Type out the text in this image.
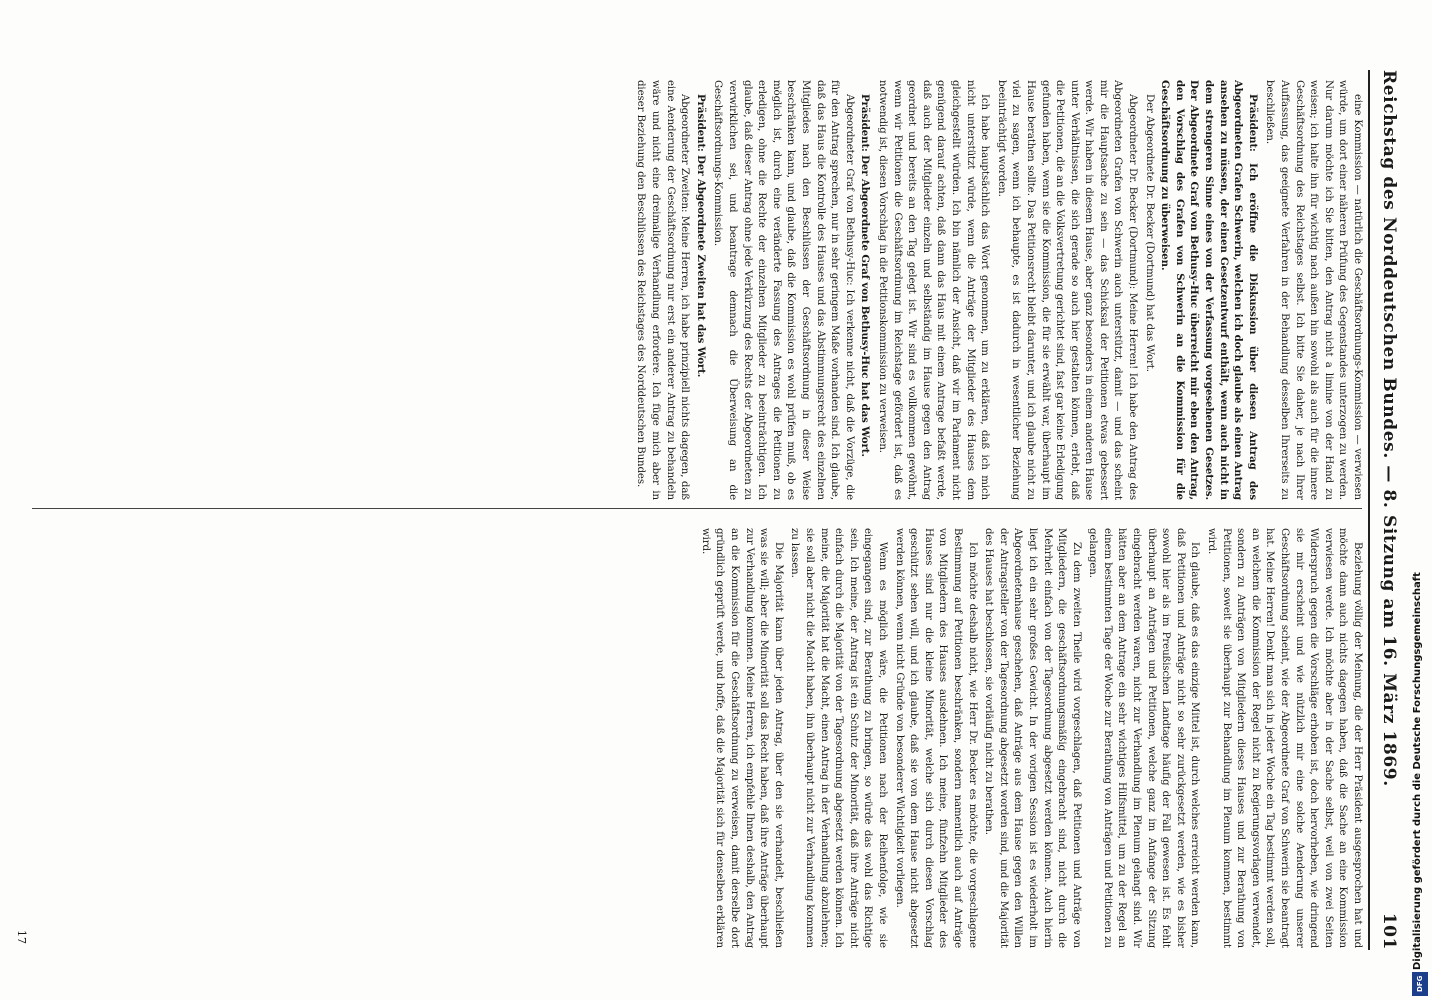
Reichstag des Norddeutschen Bundes. — 8. Sitzung am 16. März 1869.
101

eine Kommission — natürlich die Geschäftsordnungs-Kommission — verwiesen würde, um dort einer näheren Prüfung des Gegenstandes unterzogen zu werden. Nur darum möchte ich Sie bitten, den Antrag nicht a limine von der Hand zu weisen; ich halte ihn für wichtig nach außen hin sowohl als auch für die innere Geschäftsordnung des Reichstages selbst. Ich bitte Sie daher, je nach Ihrer Auffassung, das geeignete Verfahren in der Behandlung desselben Ihrerseits zu beschließen.

Präsident: Ich eröffne die Diskussion über diesen Antrag des Abgeordneten Grafen Schwerin, welchen ich doch glaube als einen Antrag ansehen zu müssen, der einen Gesetzentwurf enthält, wenn auch nicht in dem strengeren Sinne eines von der Verfassung vorgesehenen Gesetzes. Der Abgeordnete Graf von Bethusy-Huc überreicht mir eben den Antrag, den Vorschlag des Grafen von Schwerin an die Kommission für die Geschäftsordnung zu überweisen.

Der Abgeordnete Dr. Becker (Dortmund) hat das Wort.

Abgeordneter Dr. Becker (Dortmund): Meine Herren! Ich habe den Antrag des Abgeordneten Grafen von Schwerin auch unterstützt, damit — und das scheint mir die Hauptsache zu sein — das Schicksal der Petitionen etwas gebessert werde. Wir haben in diesem Hause, aber ganz besonders in einem anderen Hause unter Verhältnissen, die sich gerade so auch hier gestalten können, erlebt, daß die Petitionen, die an die Volksvertretung gerichtet sind, fast gar keine Erledigung gefunden haben, wenn sie die Kommission, die für sie erwählt war, überhaupt im Hause berathen sollte. Das Petitionsrecht bleibt darunter, und ich glaube nicht zu viel zu sagen, wenn ich behaupte, es ist dadurch in wesentlicher Beziehung beeinträchtigt worden.

Ich habe hauptsächlich das Wort genommen, um zu erklären, daß ich mich nicht unterstützt würde, wenn die Anträge der Mitglieder des Hauses dem gleichgestellt würden. Ich bin nämlich der Ansicht, daß wir im Parlament nicht genügend darauf achten, daß dann das Haus mit einem Antrage befaßt werde, daß auch der Mitglieder einzeln und selbständig im Hause gegen den Antrag geordnet und bereits an den Tag gelegt ist. Wir sind es vollkommen gewöhnt, wenn wir Petitionen die Geschäftsordnung im Reichstage gefördert ist, daß es notwendig ist, diesen Vorschlag in die Petitionskommission zu verweisen.

Präsident: Der Abgeordnete Graf von Bethusy-Huc hat das Wort.

Abgeordneter Graf von Bethusy-Huc: Ich verkenne nicht, daß die Vorzüge, die für den Antrag sprechen, nur in sehr geringem Maße vorhanden sind. Ich glaube, daß das Haus die Kontrolle des Hauses und das Abstimmungsrecht des einzelnen Mitgliedes nach den Beschlüssen der Geschäftsordnung in dieser Weise beschränken kann, und glaube, daß die Kommission es wohl prüfen muß, ob es möglich ist, durch eine veränderte Fassung des Antrages die Petitionen zu erledigen, ohne die Rechte der einzelnen Mitglieder zu beeinträchtigen. Ich glaube, daß dieser Antrag ohne jede Verkürzung des Rechts der Abgeordneten zu verwirklichen sei, und beantrage demnach die Überweisung an die Geschäftsordnungs-Kommission.

Präsident: Der Abgeordnete Zweiten hat das Wort.

Abgeordneter Zweiten: Meine Herren, ich habe prinzipiell nichts dagegen, daß eine Aenderung der Geschäftsordnung nur erst ein anderer Antrag zu behandeln wäre und nicht eine dreimalige Verhandlung erfordere. Ich füge mich aber in dieser Beziehung den Beschlüssen des Reichstages des Norddeutschen Bundes.

Beziehung völlig der Meinung, die der Herr Präsident ausgesprochen hat und möchte dann auch nichts dagegen haben, daß die Sache an eine Kommission verwiesen werde. Ich möchte aber in der Sache selbst, weil von zwei Seiten Widerspruch gegen die Vorschläge erhoben ist, doch hervorheben, wie dringend sie mir erscheint und wie nützlich mir eine solche Aenderung unserer Geschäftsordnung scheint, wie der Abgeordnete Graf von Schwerin sie beantragt hat. Meine Herren! Denkt man sich in jeder Woche ein Tag bestimmt werden soll, an welchem die Kommission der Regel nicht zu Regierungsvorlagen verwendet, sondern zu Anträgen von Mitgliedern dieses Hauses und zur Berathung von Petitionen, soweit sie überhaupt zur Behandlung im Plenum kommen, bestimmt wird.

Ich glaube, daß es das einzige Mittel ist, durch welches erreicht werden kann, daß Petitionen und Anträge nicht so sehr zurückgesetzt werden, wie es bisher sowohl hier als im Preußischen Landtage häufig der Fall gewesen ist. Es fehlt überhaupt an Anträgen und Petitionen, welche ganz im Anfange der Sitzung eingebracht werden waren, nicht zur Verhandlung im Plenum gelangt sind. Wir hätten aber an dem Antrage ein sehr wichtiges Hilfsmittel, um zu der Regel an einem bestimmten Tage der Woche zur Berathung von Anträgen und Petitionen zu gelangen.

Zu dem zweiten Theile wird vorgeschlagen, daß Petitionen und Anträge von Mitgliedern, die geschäftsordnungsmäßig eingebracht sind, nicht durch die Mehrheit einfach von der Tagesordnung abgesetzt werden können. Auch hierin liegt ich ein sehr großes Gewicht. In der vorigen Session ist es wiederholt im Abgeordnetenhause geschehen, daß Anträge aus dem Hause gegen den Willen der Antragsteller von der Tagesordnung abgesetzt worden sind, und die Majorität des Hauses hat beschlossen, sie vorläufig nicht zu berathen.

Ich möchte deshalb nicht, wie Herr Dr. Becker es möchte, die vorgeschlagene Bestimmung auf Petitionen beschränken, sondern namentlich auch auf Anträge von Mitgliedern des Hauses ausdehnen. Ich meine, fünfzehn Mitglieder des Hauses sind nur die kleine Minorität, welche sich durch diesen Vorschlag geschützt sehen will, und ich glaube, daß sie von dem Hause nicht abgesetzt werden können, wenn nicht Gründe von besonderer Wichtigkeit vorliegen.

Wenn es möglich wäre, die Petitionen nach der Reihenfolge, wie sie eingegangen sind, zur Berathung zu bringen, so würde das wohl das Richtige sein. Ich meine, der Antrag ist ein Schutz der Minorität, daß ihre Anträge nicht einfach durch die Majorität von der Tagesordnung abgesetzt werden können. Ich meine, die Majorität hat die Macht, einen Antrag in der Verhandlung abzulehnen; sie soll aber nicht die Macht haben, ihn überhaupt nicht zur Verhandlung kommen zu lassen.

Die Majorität kann über jeden Antrag, über den sie verhandelt, beschließen was sie will; aber die Minorität soll das Recht haben, daß ihre Anträge überhaupt zur Verhandlung kommen. Meine Herren, ich empfehle Ihnen deshalb, den Antrag an die Kommission für die Geschäftsordnung zu verweisen, damit derselbe dort gründlich geprüft werde, und hoffe, daß die Majorität sich für denselben erklären wird.

17	Digitalisierung gefördert durch die Deutsche Forschungsgemeinschaft
DFG
